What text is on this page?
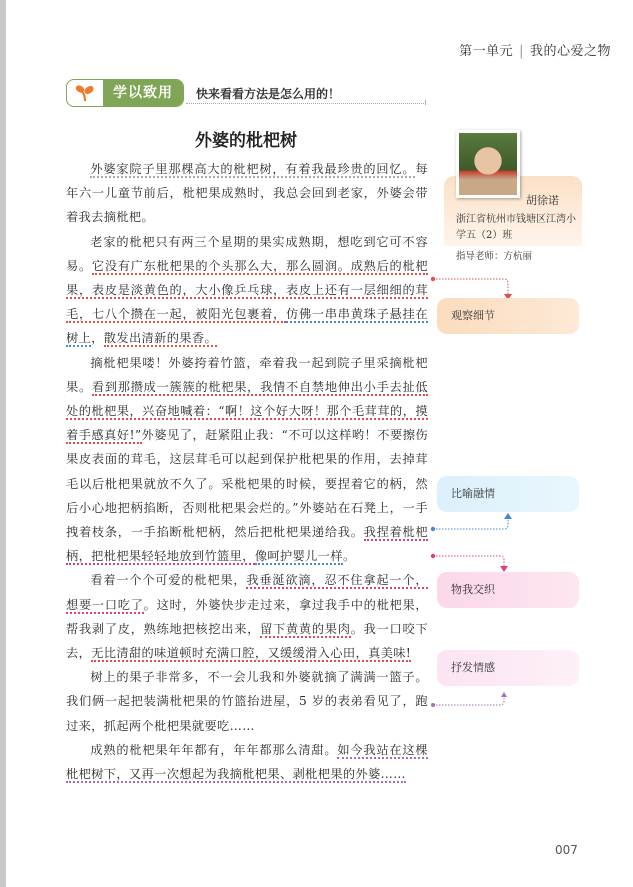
第一单元 | 我的心爱之物
学以致用	快来看看方法是怎么用的！
外婆的枇杷树

外婆家院子里那棵高大的枇杷树，有着我最珍贵的回忆。每年六一儿童节前后，枇杷果成熟时，我总会回到老家，外婆会带着我去摘枇杷。

老家的枇杷只有两三个星期的果实成熟期，想吃到它可不容易。它没有广东枇杷果的个头那么大，那么圆润。成熟后的枇杷果，表皮是淡黄色的，大小像乒乓球，表皮上还有一层细细的茸毛，七八个攒在一起，被阳光包裹着，仿佛一串串黄珠子悬挂在树上，散发出清新的果香。

摘枇杷果喽！外婆挎着竹篮，牵着我一起到院子里采摘枇杷果。看到那攒成一簇簇的枇杷果，我情不自禁地伸出小手去扯低处的枇杷果，兴奋地喊着：“啊！这个好大呀！那个毛茸茸的，摸着手感真好!”外婆见了，赶紧阻止我：“不可以这样哟！不要擦伤果皮表面的茸毛，这层茸毛可以起到保护枇杷果的作用，去掉茸毛以后枇杷果就放不久了。采枇杷果的时候，要捏着它的柄，然后小心地把柄掐断，否则枇杷果会烂的。”外婆站在石凳上，一手拽着枝条，一手掐断枇杷柄，然后把枇杷果递给我。我捏着枇杷柄，把枇杷果轻轻地放到竹篮里，像呵护婴儿一样。

看着一个个可爱的枇杷果，我垂涎欲滴，忍不住拿起一个，想要一口吃了。这时，外婆快步走过来，拿过我手中的枇杷果，帮我剥了皮，熟练地把核挖出来，留下黄黄的果肉。我一口咬下去，无比清甜的味道顿时充满口腔，又缓缓滑入心田，真美味!

树上的果子非常多，不一会儿我和外婆就摘了满满一篮子。我们俩一起把装满枇杷果的竹篮抬进屋，5 岁的表弟看见了，跑过来，抓起两个枇杷果就要吃……

成熟的枇杷果年年都有，年年都那么清甜。如今我站在这棵枇杷树下，又再一次想起为我摘枇杷果、剥枇杷果的外婆……

胡徐诺
浙江省杭州市钱塘区江湾小学五（2）班
指导老师：方杭丽
观察细节
比喻融情
物我交织
抒发情感
007
